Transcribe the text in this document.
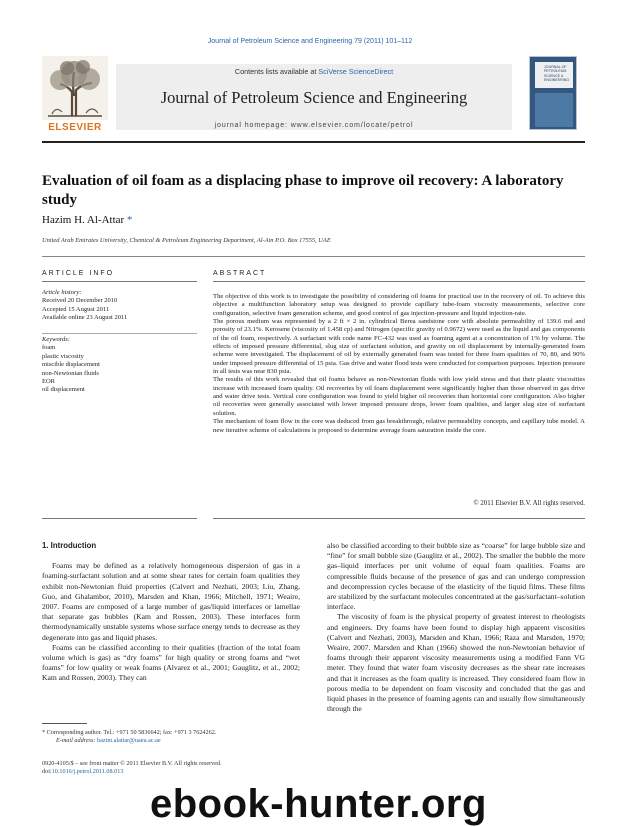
Journal of Petroleum Science and Engineering 79 (2011) 101–112
ELSEVIER
Contents lists available at SciVerse ScienceDirect
Journal of Petroleum Science and Engineering
journal homepage: www.elsevier.com/locate/petrol
JOURNAL OF PETROLEUM SCIENCE & ENGINEERING
Evaluation of oil foam as a displacing phase to improve oil recovery: A laboratory study
Hazim H. Al-Attar *
United Arab Emirates University, Chemical & Petroleum Engineering Department, Al-Ain P.O. Box 17555, UAE
ARTICLE INFO	ABSTRACT
Article history:
Received 20 December 2010
Accepted 15 August 2011
Available online 23 August 2011
Keywords:
foam
plastic viscosity
miscible displacement
non-Newtonian fluids
EOR
oil displacement

The objective of this work is to investigate the possibility of considering oil foams for practical use in the recovery of oil. To achieve this objective a multifunction laboratory setup was designed to provide capillary tube-foam viscosity measurements, selective core configuration, selective foam generation scheme, and good control of gas injection-pressure and liquid injection-rate.

The porous medium was represented by a 2 ft × 2 in. cylindrical Berea sandstone core with absolute permeability of 139.6 md and porosity of 23.1%. Kerosene (viscosity of 1.458 cp) and Nitrogen (specific gravity of 0.9672) were used as the liquid and gas components of the oil foam, respectively. A surfactant with code name FC-432 was used as foaming agent at a concentration of 1% by volume. The effects of imposed pressure differential, slug size of surfactant solution, and gravity on oil displacement by internally-generated foam scheme were investigated. The displacement of oil by externally generated foam was tested for three foam qualities of 70, 80, and 90% under imposed pressure differential of 15 psia. Gas drive and water flood tests were conducted for comparison purposes. Injection pressure in all tests was near 830 psia.

The results of this work revealed that oil foams behave as non-Newtonian fluids with low yield stress and that their plastic viscosities increase with increased foam quality. Oil recoveries by oil foam displacement were significantly higher than those observed in gas drive and water drive tests. Vertical core configuration was found to yield higher oil recoveries than horizontal core configuration. Also higher oil recoveries were generally associated with lower imposed pressure drops, lower foam qualities, and larger slug size of surfactant solution.

The mechanism of foam flow in the core was deduced from gas breakthrough, relative permeability concepts, and capillary tube model. A new iterative scheme of calculations is proposed to determine average foam saturation inside the core.

© 2011 Elsevier B.V. All rights reserved.
1. Introduction

Foams may be defined as a relatively homogeneous dispersion of gas in a foaming-surfactant solution and at some shear rates for certain foam qualities they exhibit non-Newtonian fluid properties (Calvert and Nezhati, 2003; Liu, Zhang, Guo, and Ghalambor, 2010), Marsden and Khan, 1966; Mitchell, 1971; Weaire, 2007. Foams are composed of a large number of gas/liquid interfaces or lamellae that separate gas bubbles (Kam and Rossen, 2003). These interfaces form thermodynamically unstable systems whose surface energy tends to decrease as they degenerate into gas and liquid phases.

Foams can be classified according to their qualities (fraction of the total foam volume which is gas) as “dry foams” for high quality or strong foams and “wet foams” for low quality or weak foams (Alvarez et al., 2001; Gauglitz, et al., 2002; Kam and Rossen, 2003). They can

also be classified according to their bubble size as “coarse” for large bubble size and “fine” for small bubble size (Gauglitz et al., 2002). The smaller the bubble the more gas–liquid interfaces per unit volume of equal foam qualities. Foams are compressible fluids because of the presence of gas and can undergo compression and decompression cycles because of the elasticity of the liquid films. These films are stabilized by the surfactant molecules concentrated at the gas/surfactant–solution interface.

The viscosity of foam is the physical property of greatest interest to rheologists and engineers. Dry foams have been found to display high apparent viscosities (Calvert and Nezhati, 2003), Marsden and Khan, 1966; Raza and Marsden, 1970; Weaire, 2007. Marsden and Khan (1966) showed the non-Newtonian behavior of foams through their apparent viscosity measurements using a modified Fann VG meter. They found that water foam viscosity decreases as the shear rate increases and that it increases as the foam quality is increased. They considered foam flow in porous media to be dependent on foam viscosity and concluded that the gas and liquid phases in the presence of foaming agents can and usually flow simultaneously through the

* Corresponding author. Tel.: +971 50 5836642; fax: +971 3 7624262.
E-mail address: hazim.alattar@uaeu.ac.ae
0920-4105/$ – see front matter © 2011 Elsevier B.V. All rights reserved.
doi:10.1016/j.petrol.2011.08.013
ebook-hunter.org
